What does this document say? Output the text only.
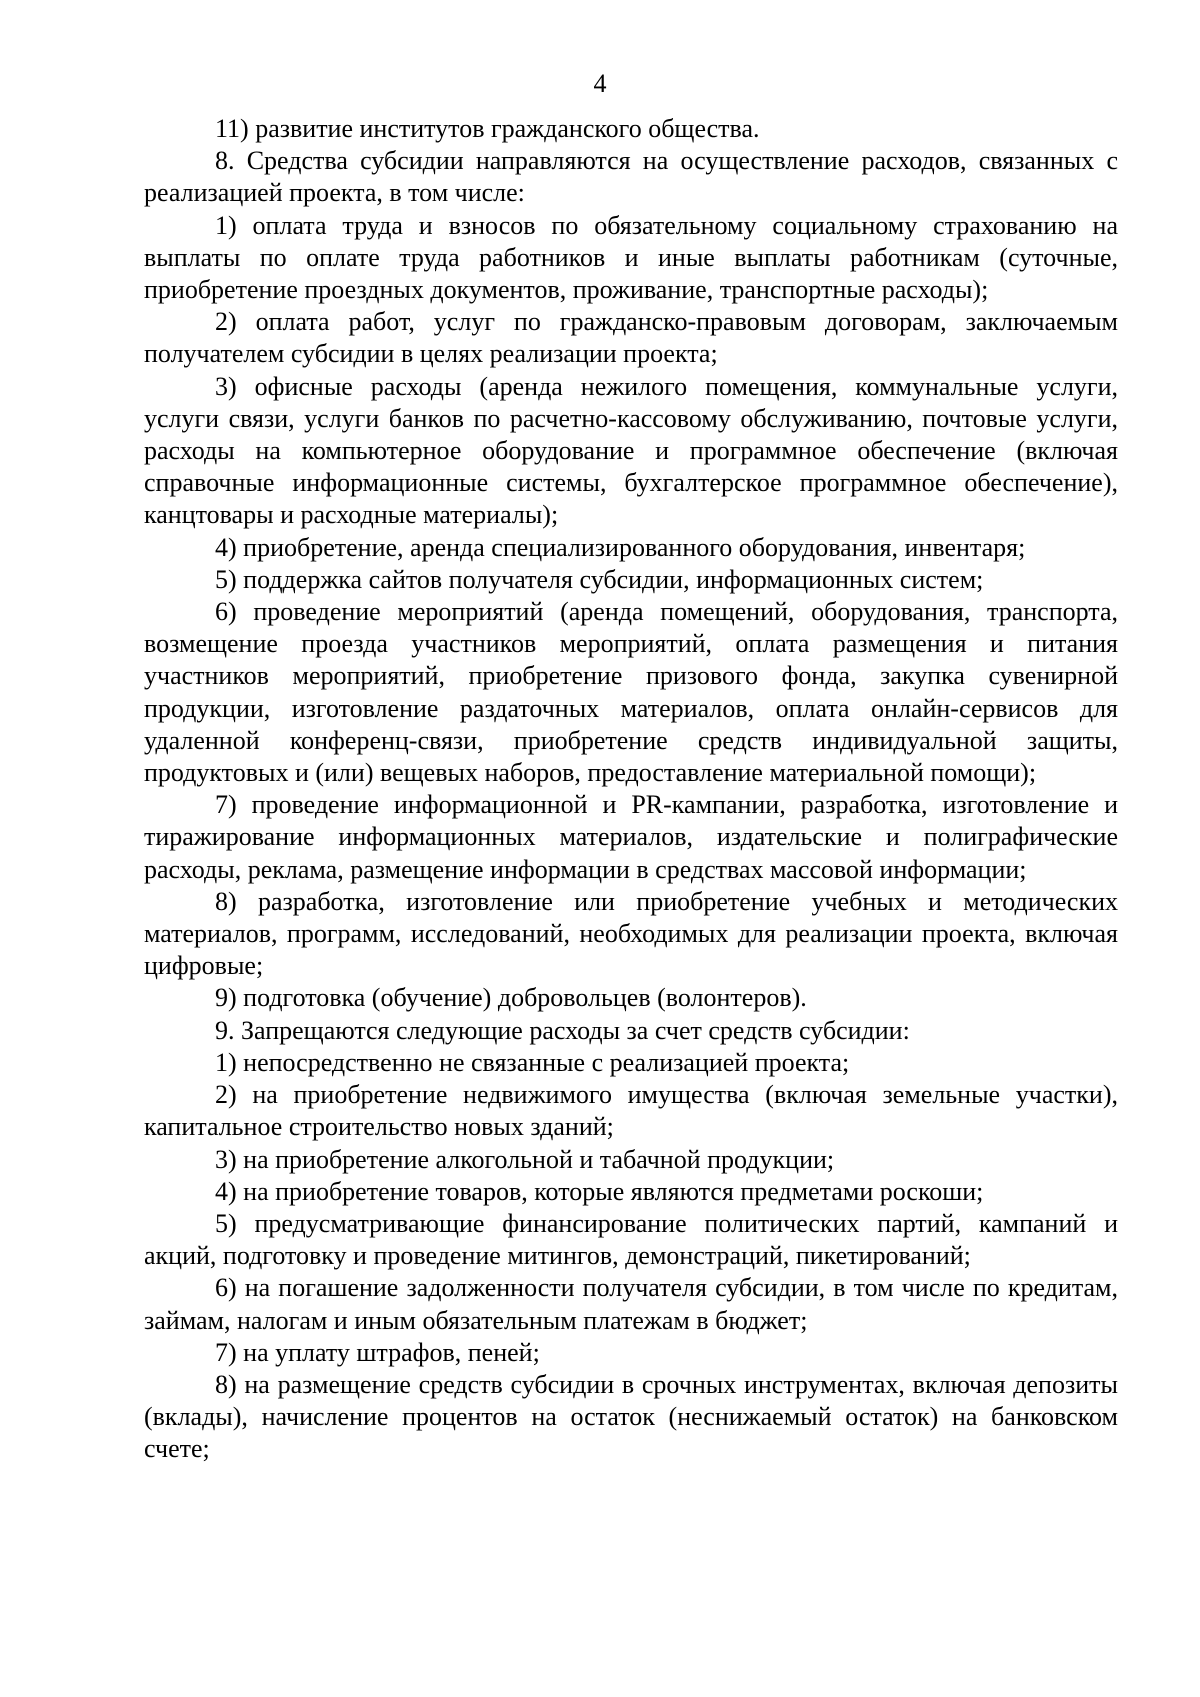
4

11) развитие институтов гражданского общества.

8. Средства субсидии направляются на осуществление расходов, связанных с реализацией проекта, в том числе:

1) оплата труда и взносов по обязательному социальному страхованию на выплаты по оплате труда работников и иные выплаты работникам (суточные, приобретение проездных документов, проживание, транспортные расходы);

2) оплата работ, услуг по гражданско-правовым договорам, заключаемым получателем субсидии в целях реализации проекта;

3) офисные расходы (аренда нежилого помещения, коммунальные услуги, услуги связи, услуги банков по расчетно-кассовому обслуживанию, почтовые услуги, расходы на компьютерное оборудование и программное обеспечение (включая справочные информационные системы, бухгалтерское программное обеспечение), канцтовары и расходные материалы);

4) приобретение, аренда специализированного оборудования, инвентаря;

5) поддержка сайтов получателя субсидии, информационных систем;

6) проведение мероприятий (аренда помещений, оборудования, транспорта, возмещение проезда участников мероприятий, оплата размещения и питания участников мероприятий, приобретение призового фонда, закупка сувенирной продукции, изготовление раздаточных материалов, оплата онлайн-сервисов для удаленной конференц-связи, приобретение средств индивидуальной защиты, продуктовых и (или) вещевых наборов, предоставление материальной помощи);

7) проведение информационной и PR-кампании, разработка, изготовление и тиражирование информационных материалов, издательские и полиграфические расходы, реклама, размещение информации в средствах массовой информации;

8) разработка, изготовление или приобретение учебных и методических материалов, программ, исследований, необходимых для реализации проекта, включая цифровые;

9) подготовка (обучение) добровольцев (волонтеров).

9. Запрещаются следующие расходы за счет средств субсидии:

1) непосредственно не связанные с реализацией проекта;

2) на приобретение недвижимого имущества (включая земельные участки), капитальное строительство новых зданий;

3) на приобретение алкогольной и табачной продукции;

4) на приобретение товаров, которые являются предметами роскоши;

5) предусматривающие финансирование политических партий, кампаний и акций, подготовку и проведение митингов, демонстраций, пикетирований;

6) на погашение задолженности получателя субсидии, в том числе по кредитам, займам, налогам и иным обязательным платежам в бюджет;

7) на уплату штрафов, пеней;

8) на размещение средств субсидии в срочных инструментах, включая депозиты (вклады), начисление процентов на остаток (неснижаемый остаток) на банковском счете;
